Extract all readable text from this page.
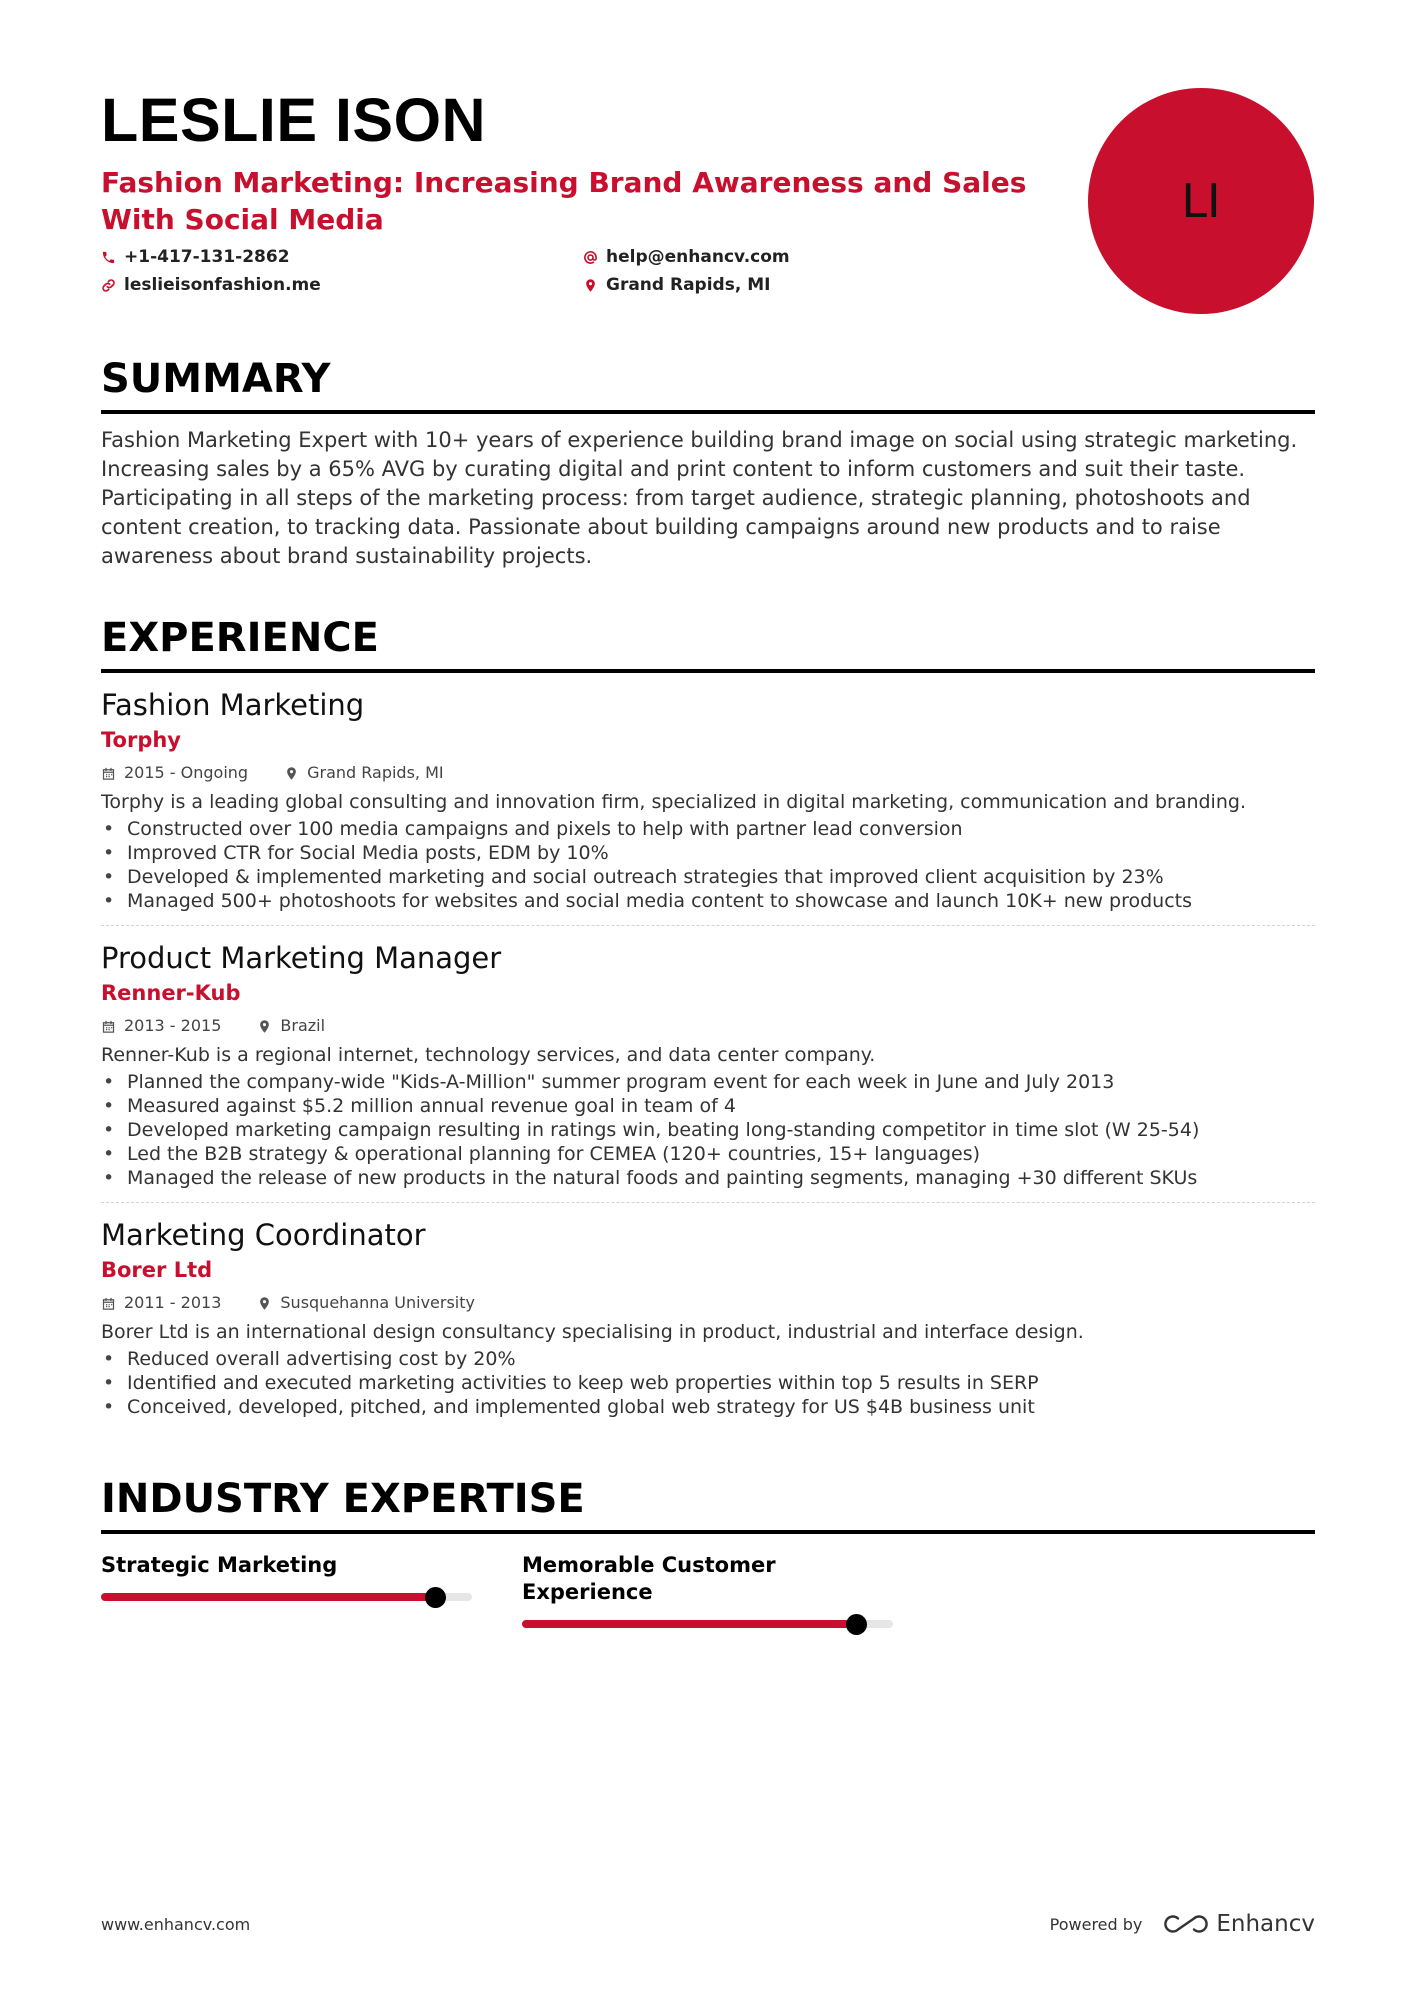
LESLIE ISON
Fashion Marketing: Increasing Brand Awareness and Sales With Social Media
+1-417-131-2862	help@enhancv.com
leslieisonfashion.me	Grand Rapids, MI
LI
SUMMARY

Fashion Marketing Expert with 10+ years of experience building brand image on social using strategic marketing. Increasing sales by a 65% AVG by curating digital and print content to inform customers and suit their taste. Participating in all steps of the marketing process: from target audience, strategic planning, photoshoots and content creation, to tracking data. Passionate about building campaigns around new products and to raise awareness about brand sustainability projects.

EXPERIENCE
Fashion Marketing
Torphy
2015 - Ongoing	Grand Rapids, MI
Torphy is a leading global consulting and innovation firm, specialized in digital marketing, communication and branding.
• Constructed over 100 media campaigns and pixels to help with partner lead conversion
• Improved CTR for Social Media posts, EDM by 10%
• Developed & implemented marketing and social outreach strategies that improved client acquisition by 23%
• Managed 500+ photoshoots for websites and social media content to showcase and launch 10K+ new products
Product Marketing Manager
Renner-Kub
2013 - 2015	Brazil
Renner-Kub is a regional internet, technology services, and data center company.
• Planned the company-wide "Kids-A-Million" summer program event for each week in June and July 2013
• Measured against $5.2 million annual revenue goal in team of 4
• Developed marketing campaign resulting in ratings win, beating long-standing competitor in time slot (W 25-54)
• Led the B2B strategy & operational planning for CEMEA (120+ countries, 15+ languages)
• Managed the release of new products in the natural foods and painting segments, managing +30 different SKUs
Marketing Coordinator
Borer Ltd
2011 - 2013	Susquehanna University
Borer Ltd is an international design consultancy specialising in product, industrial and interface design.
• Reduced overall advertising cost by 20%
• Identified and executed marketing activities to keep web properties within top 5 results in SERP
• Conceived, developed, pitched, and implemented global web strategy for US $4B business unit
INDUSTRY EXPERTISE
Strategic Marketing	Memorable Customer Experience
www.enhancv.com	Powered by	Enhancv
